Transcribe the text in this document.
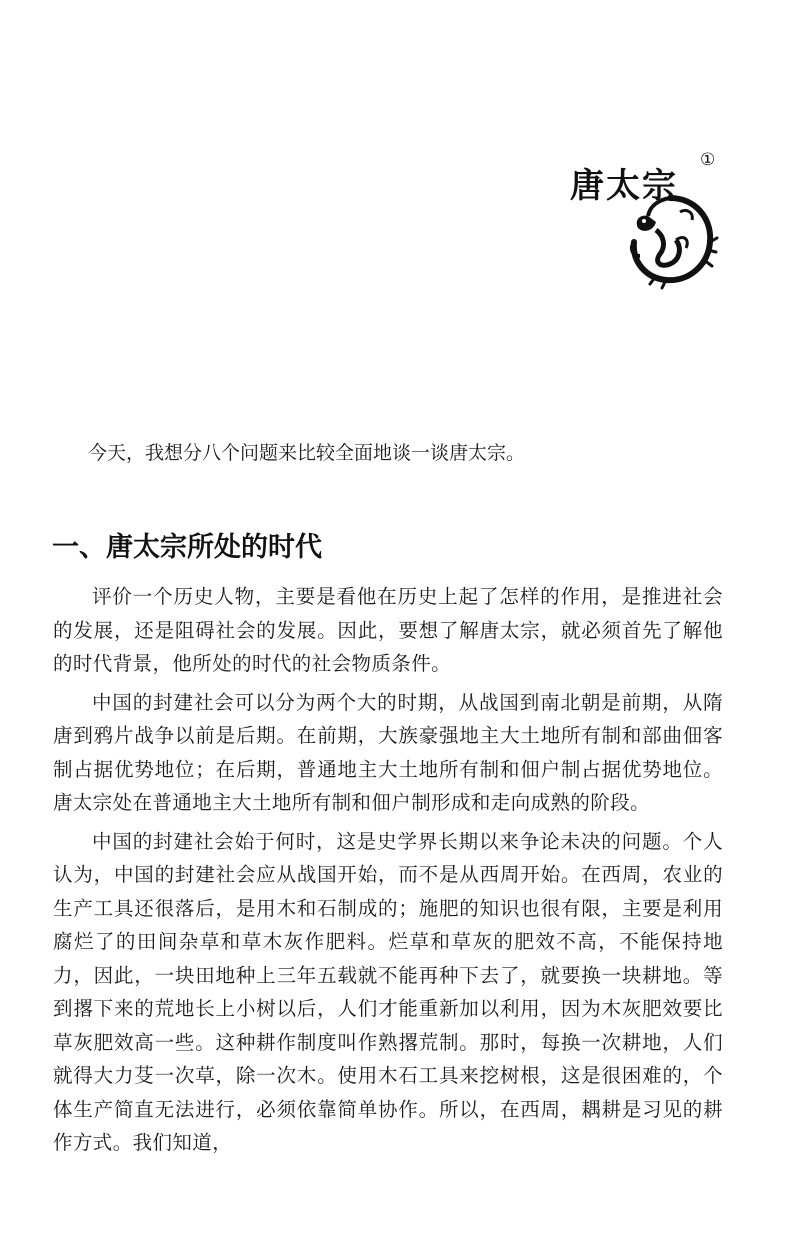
唐太宗
①
今天，我想分八个问题来比较全面地谈一谈唐太宗。
一、唐太宗所处的时代

评价一个历史人物，主要是看他在历史上起了怎样的作用，是推进社会的发展，还是阻碍社会的发展。因此，要想了解唐太宗，就必须首先了解他的时代背景，他所处的时代的社会物质条件。

中国的封建社会可以分为两个大的时期，从战国到南北朝是前期，从隋唐到鸦片战争以前是后期。在前期，大族豪强地主大土地所有制和部曲佃客制占据优势地位；在后期，普通地主大土地所有制和佃户制占据优势地位。唐太宗处在普通地主大土地所有制和佃户制形成和走向成熟的阶段。

中国的封建社会始于何时，这是史学界长期以来争论未决的问题。个人认为，中国的封建社会应从战国开始，而不是从西周开始。在西周，农业的生产工具还很落后，是用木和石制成的；施肥的知识也很有限，主要是利用腐烂了的田间杂草和草木灰作肥料。烂草和草灰的肥效不高，不能保持地力，因此，一块田地种上三年五载就不能再种下去了，就要换一块耕地。等到撂下来的荒地长上小树以后，人们才能重新加以利用，因为木灰肥效要比草灰肥效高一些。这种耕作制度叫作熟撂荒制。那时，每换一次耕地，人们就得大力芟一次草，除一次木。使用木石工具来挖树根，这是很困难的，个体生产简直无法进行，必须依靠简单协作。所以，在西周，耦耕是习见的耕作方式。我们知道，
